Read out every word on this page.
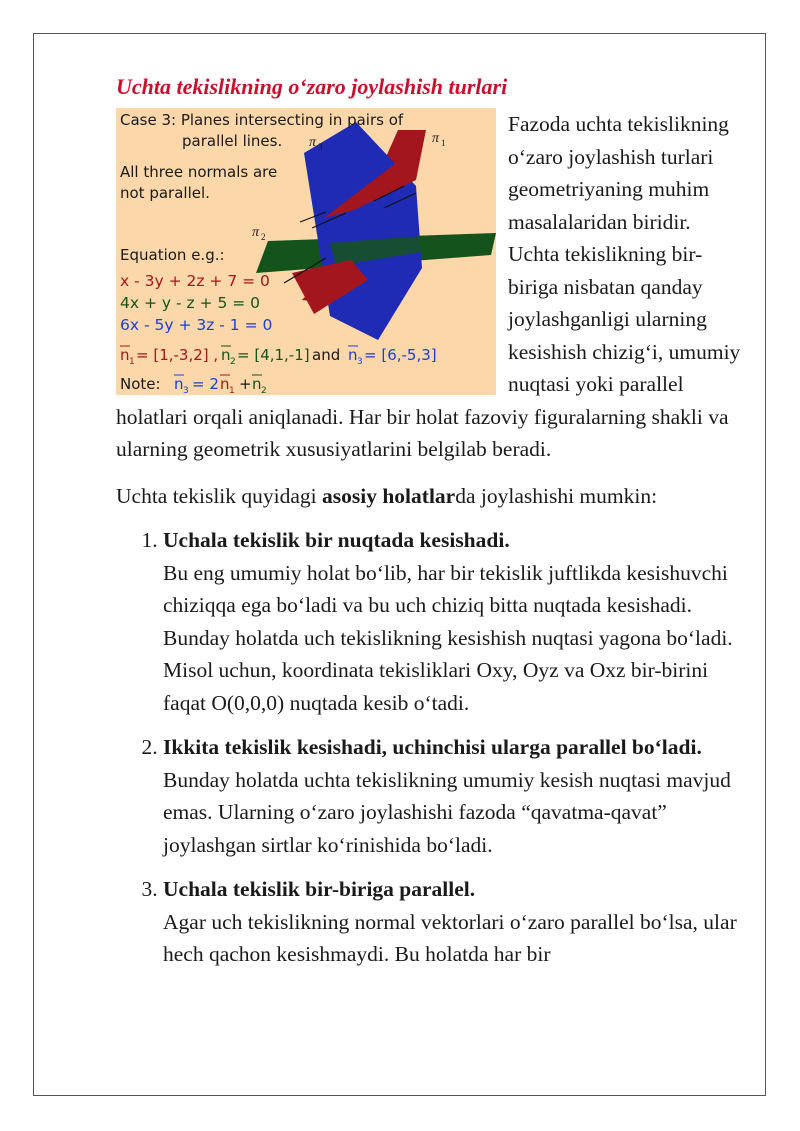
Uchta tekislikning o‘zaro joylashish turlari
Case 3: Planes intersecting in pairs of
parallel lines.
All three normals are
not parallel.
Equation e.g.:
x - 3y + 2z + 7 = 0
4x + y - z + 5 = 0
6x - 5y + 3z - 1 = 0
n 1 = [1,-3,2] , n 2 = [4,1,-1] and n 3 = [6,-5,3]
Note: n 3 = 2 n 1 + n 2
π 3
π 1
π 2

Fazoda uchta tekislikning o‘zaro joylashish turlari geometriyaning muhim masalalaridan biridir. Uchta tekislikning bir-biriga nisbatan qanday joylashganligi ularning kesishish chizig‘i, umumiy nuqtasi yoki parallel holatlari orqali aniqlanadi. Har bir holat fazoviy figuralarning shakli va ularning geometrik xususiyatlarini belgilab beradi.

Uchta tekislik quyidagi asosiy holatlarda joylashishi mumkin:

1. Uchala tekislik bir nuqtada kesishadi.
Bu eng umumiy holat bo‘lib, har bir tekislik juftlikda kesishuvchi chiziqqa ega bo‘ladi va bu uch chiziq bitta nuqtada kesishadi. Bunday holatda uch tekislikning kesishish nuqtasi yagona bo‘ladi. Misol uchun, koordinata tekisliklari Oxy, Oyz va Oxz bir-birini faqat O(0,0,0) nuqtada kesib o‘tadi.
2. Ikkita tekislik kesishadi, uchinchisi ularga parallel bo‘ladi.
Bunday holatda uchta tekislikning umumiy kesish nuqtasi mavjud emas. Ularning o‘zaro joylashishi fazoda “qavatma-qavat” joylashgan sirtlar ko‘rinishida bo‘ladi.
3. Uchala tekislik bir-biriga parallel.
Agar uch tekislikning normal vektorlari o‘zaro parallel bo‘lsa, ular hech qachon kesishmaydi. Bu holatda har bir
